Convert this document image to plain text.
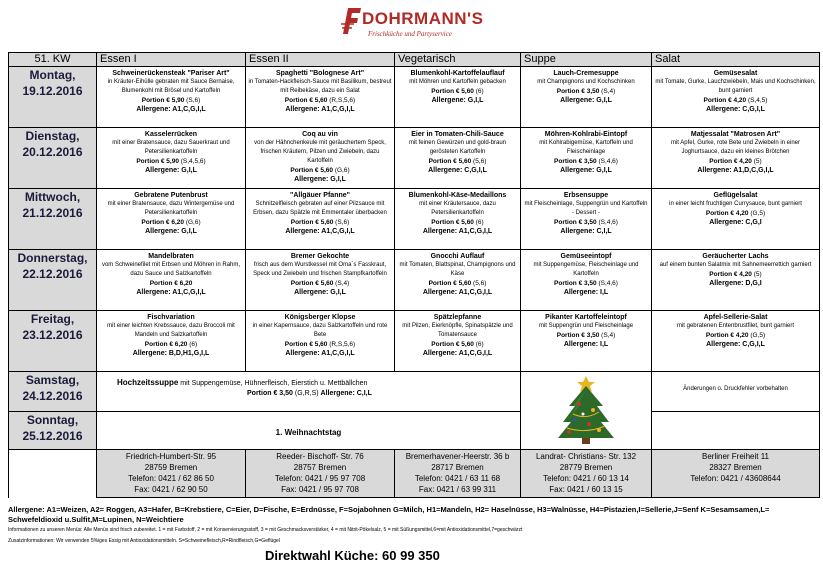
DOHRMANN'S
Frischküche und Partyservice
51. KW	Essen I	Essen II	Vegetarisch	Suppe	Salat
Montag,
19.12.2016	Schweinerückensteak "Pariser Art"
in Kräuter-Eihülle gebraten mit Sauce Bernaise, Blumenkohl mit Brösel und Kartoffeln
Portion € 5,90 (S,6)
Allergene: A1,C,G,I,L	Spaghetti "Bolognese Art"
in Tomaten-Hackfleisch-Sauce mit Basilikum, bestreut mit Reibekäse, dazu ein Salat
Portion € 5,60 (R,S,5,6)
Allergene: A1,C,G,I,L	Blumenkohl-Kartoffelauflauf
mit Möhren und Kartoffeln gebacken
Portion € 5,60 (6)
Allergene: G,I,L	Lauch-Cremesuppe
mit Champignons und Kochschinken
Portion € 3,50 (S,4)
Allergene: G,I,L	Gemüsesalat
mit Tomate, Gurke, Lauchzwiebeln, Mais und Kochschinken, bunt garniert
Portion € 4,20 (S,4,5)
Allergene: C,G,I,L

Dienstag,
20.12.2016	Kasselerrücken
mit einer Bratensauce, dazu Sauerkraut und Petersilienkartoffeln
Portion € 5,90 (S,4,5,6)
Allergene: G,I,L	Coq au vin
von der Hähnchenkeule mit geräuchertem Speck, frischen Kräutern, Pilzen und Zwiebeln, dazu Kartoffeln
Portion € 5,60 (G,6)
Allergene: G,I,L	Eier in Tomaten-Chili-Sauce
mit feinen Gewürzen und gold-braun gerösteten Kartoffeln
Portion € 5,60 (5,6)
Allergene: C,G,I,L	Möhren-Kohlrabi-Eintopf
mit Kohlrabigemüse, Kartoffeln und Fleischeinlage
Portion € 3,50 (S,4,6)
Allergene: G,I,L	Matjessalat "Matrosen Art"
mit Apfel, Gurke, rote Bete und Zwiebeln in einer Joghurtsauce, dazu ein kleines Brötchen
Portion € 4,20 (5)
Allergene: A1,D,C,G,I,L

Mittwoch,
21.12.2016	Gebratene Putenbrust
mit einer Bratensauce, dazu Wintergemüse und Petersilienkartoffeln
Portion € 6,20 (G,6)
Allergene: G,I,L	"Allgäuer Pfanne"
Schnitzelfleisch gebraten auf einer Pilzsauce mit Erbsen, dazu Spätzle mit Emmentaler überbacken
Portion € 5,60 (S,6)
Allergene: A1,C,G,I,L	Blumenkohl-Käse-Medaillons
mit einer Kräutersauce, dazu Petersilienkartoffeln
Portion € 5,60 (6)
Allergene: A1,C,G,I,L	Erbsensuppe
mit Fleischeinlage, Suppengrün und Kartoffeln - Dessert -
Portion € 3,50 (S,4,6)
Allergene: C,I,L	Geflügelsalat
in einer leicht fruchtigen Currysauce, bunt garniert
Portion € 4,20 (G,5)
Allergene: C,G,I

Donnerstag,
22.12.2016	Mandelbraten
vom Schweinefilet mit Erbsen und Möhren in Rahm, dazu Sauce und Salzkartoffeln
Portion € 6,20
Allergene: A1,C,G,I,L	Bremer Gekochte
frisch aus dem Wurstkessel mit Oma´s Fasskraut, Speck und Zwiebeln und frischen Stampfkartoffeln
Portion € 5,60 (S,4)
Allergene: G,I,L	Gnocchi Auflauf
mit Tomaten, Blattspinat, Champignons und Käse
Portion € 5,60 (5,6)
Allergene: A1,C,G,I,L	Gemüseeintopf
mit Suppengemüse, Fleischeinlage und Kartoffeln
Portion € 3,50 (S,4,6)
Allergene: I,L	Geräucherter Lachs
auf einem bunten Salatmix mit Sahnemeerrettich garniert
Portion € 4,20 (5)
Allergene: D,G,I

Freitag,
23.12.2016	Fischvariation
mit einer leichten Krebssauce, dazu Broccoli mit Mandeln und Salzkartoffeln
Portion € 6,20 (6)
Allergene: B,D,H1,G,I,L	Königsberger Klopse
in einer Kapernsauce, dazu Salzkartoffeln und rote Bete
Portion € 5,60 (R,S,5,6)
Allergene: A1,C,G,I,L	Spätzlepfanne
mit Pilzen, Eierknöpfle, Spinatspätzle und Tomatensauce
Portion € 5,60 (6)
Allergene: A1,C,G,I,L	Pikanter Kartoffeleintopf
mit Suppengrün und Fleischeinlage
Portion € 3,50 (S,4)
Allergene: I,L	Apfel-Sellerie-Salat
mit gebratenen Entenbrustfilet, bunt garniert
Portion € 4,20 (G,5)
Allergene: C,G,I,L

Samstag,
24.12.2016	Hochzeitssuppe mit Suppengemüse, Hühnerfleisch, Eierstich u. Mettbällchen
Portion € 3,50 (G,R,S) Allergene: C,I,L				Änderungen o. Druckfehler vorbehalten
Sonntag,
25.12.2016	1. Weihnachtstag				
	Friedrich-Humbert-Str. 95
28759 Bremen
Telefon: 0421 / 62 86 50
Fax: 0421 / 62 90 50	Reeder- Bischoff- Str. 76
28757 Bremen
Telefon: 0421 / 95 97 708
Fax: 0421 / 95 97 708	Bremerhavener-Heerstr. 36 b
28717 Bremen
Telefon: 0421 / 63 11 68
Fax: 0421 / 63 99 311	Landrat- Christians- Str. 132
28779 Bremen
Telefon: 0421 / 60 13 14
Fax: 0421 / 60 13 15	Berliner Freiheit 11
28327 Bremen
Telefon: 0421 / 43608644
Allergene: A1=Weizen, A2= Roggen, A3=Hafer, B=Krebstiere, C=Eier, D=Fische, E=Erdnüsse, F=Sojabohnen G=Milch, H1=Mandeln, H2= Haselnüsse, H3=Walnüsse, H4=Pistazien,I=Sellerie,J=Senf K=Sesamsamen,L= Schwefeldioxid u.Sulfit,M=Lupinen, N=Weichtiere
Informationen zu unseren Menüs: Alle Menüs sind frisch zubereitet. 1 = mit Farbstoff, 2 = mit Konservierungsstoff, 3 = mit Geschmacksverstärker, 4 = mit Nitrit-Pökelsalz, 5 = mit Süßungsmittel,6=mit Antioxidationsmittel,7=geschwärzt
Zusatzinformationen: Wir verwenden 5%iges Essig mit Antioxidationsmitteln. S=Schweinefleisch,R=Rindfleisch,G=Geflügel
Direktwahl Küche: 60 99 350
